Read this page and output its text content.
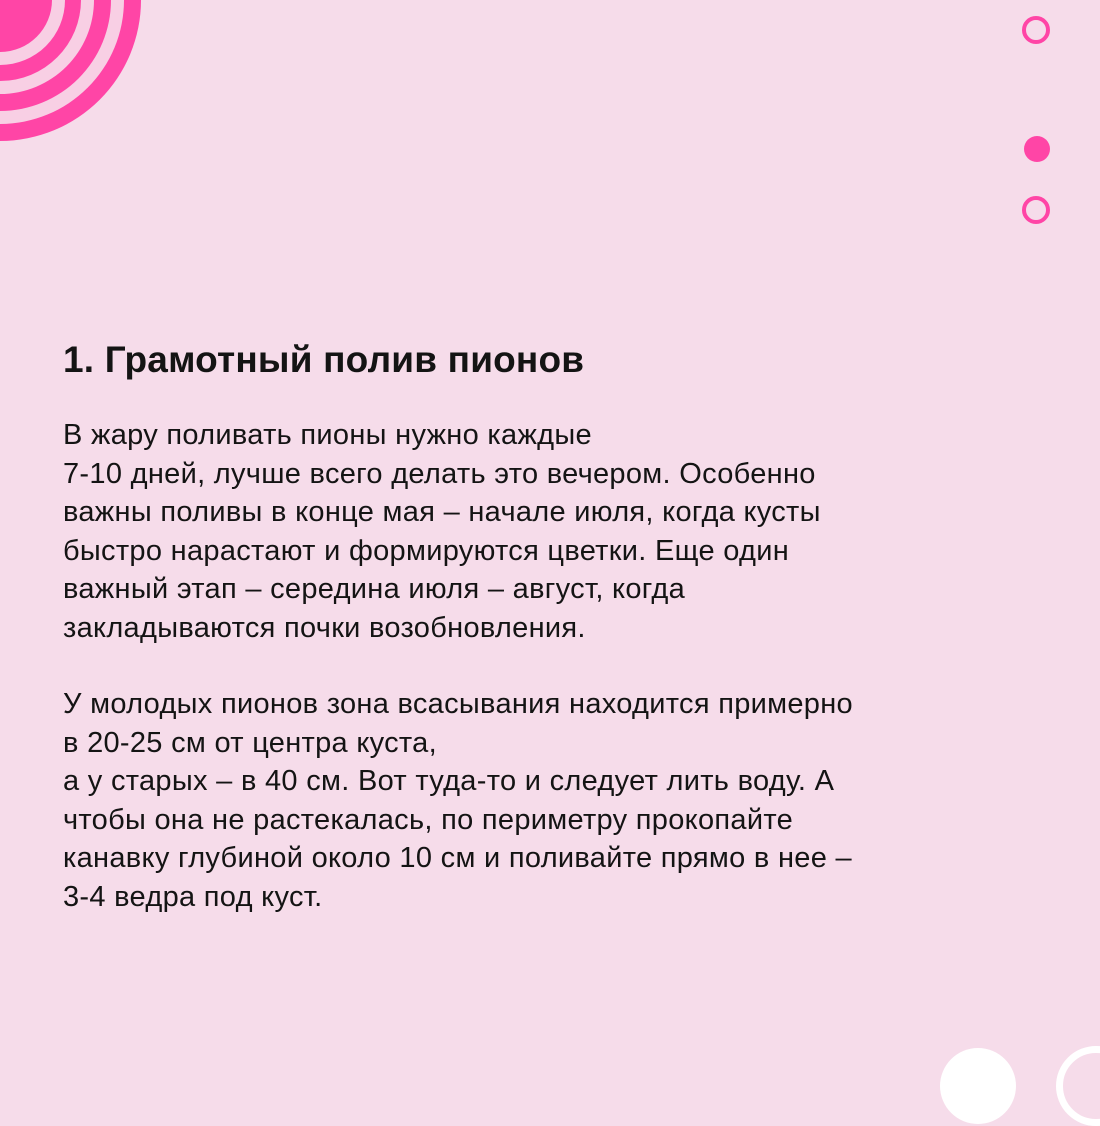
1. Грамотный полив пионов

В жару поливать пионы нужно каждые
7-10 дней, лучше всего делать это вечером. Особенно
важны поливы в конце мая – начале июля, когда кусты
быстро нарастают и формируются цветки. Еще один
важный этап – середина июля – август, когда
закладываются почки возобновления.

У молодых пионов зона всасывания находится примерно
в 20-25 см от центра куста,
а у старых – в 40 см. Вот туда-то и следует лить воду. А
чтобы она не растекалась, по периметру прокопайте
канавку глубиной около 10 см и поливайте прямо в нее –
3-4 ведра под куст.
